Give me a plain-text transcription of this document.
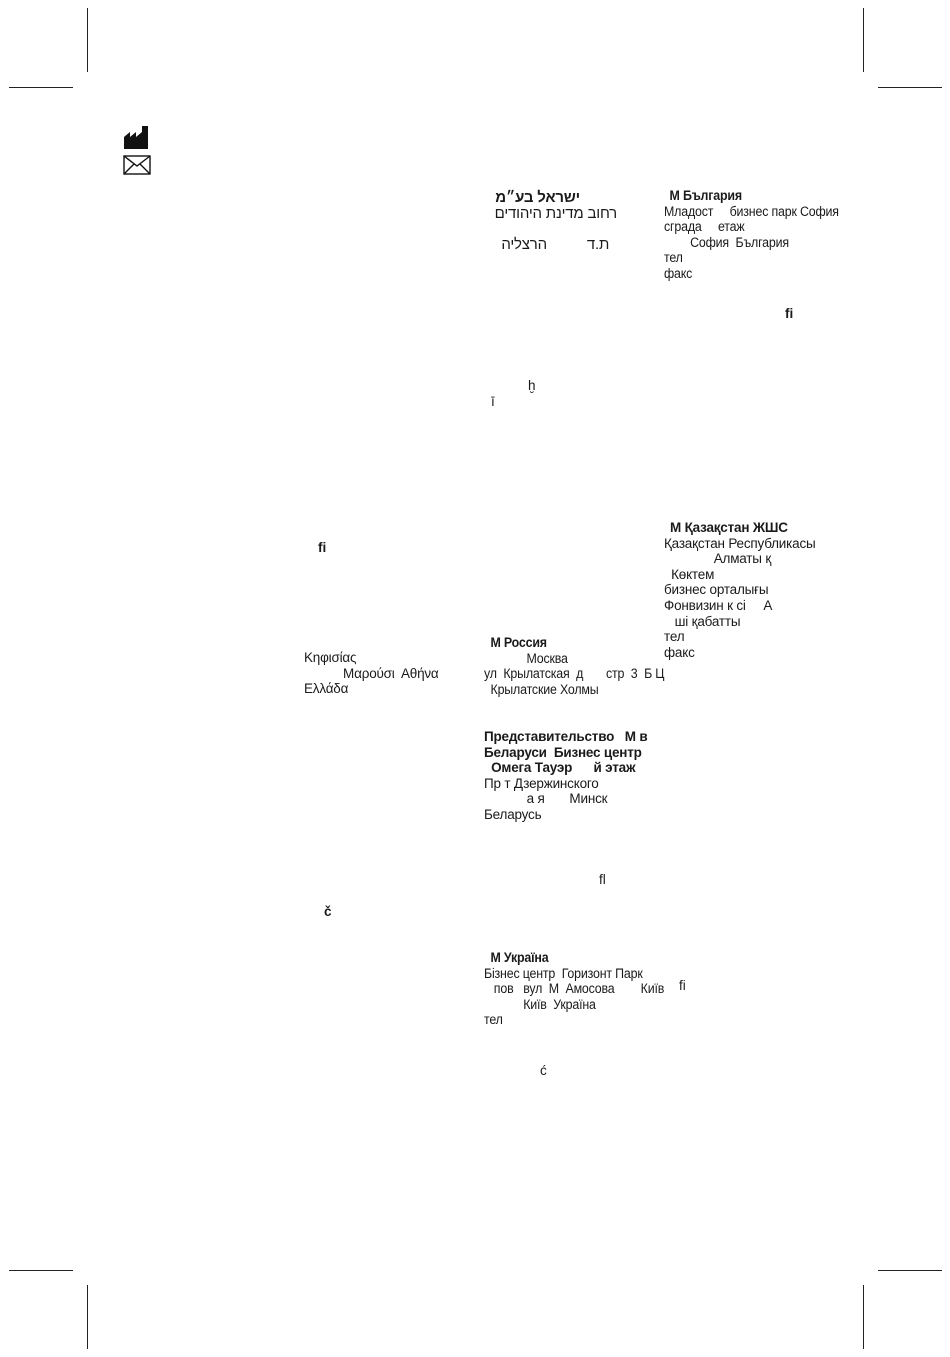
ישראל בע״מ
רחוב מדינת היהודים

ת.דהרצליה

M България
Младост     бизнес парк София
сграда     етаж
София  България
тел
факс
fi
ḫ
ī
fi
fl
č
fi
ć
M Қазақстан ЖШС
Қазақстан Республикасы
Алматы қ
Көктем
бизнес орталығы
Фонвизин к сі     А
ші қабатты
тел
факс
Κηφισίας
Μαρούσι  Αθήνα
Ελλάδα
M Россия
Москва
ул  Крылатская  д       стр  3  Б Ц
Крылатские Холмы
Представительство   M в
Беларуси  Бизнес центр
Омега Тауэр      й этаж
Пр т Дзержинского
а я       Минск
Беларусь
M Україна
Бізнес центр  Горизонт Парк
пов   вул  М  Амосова        Київ
Київ  Україна
тел
